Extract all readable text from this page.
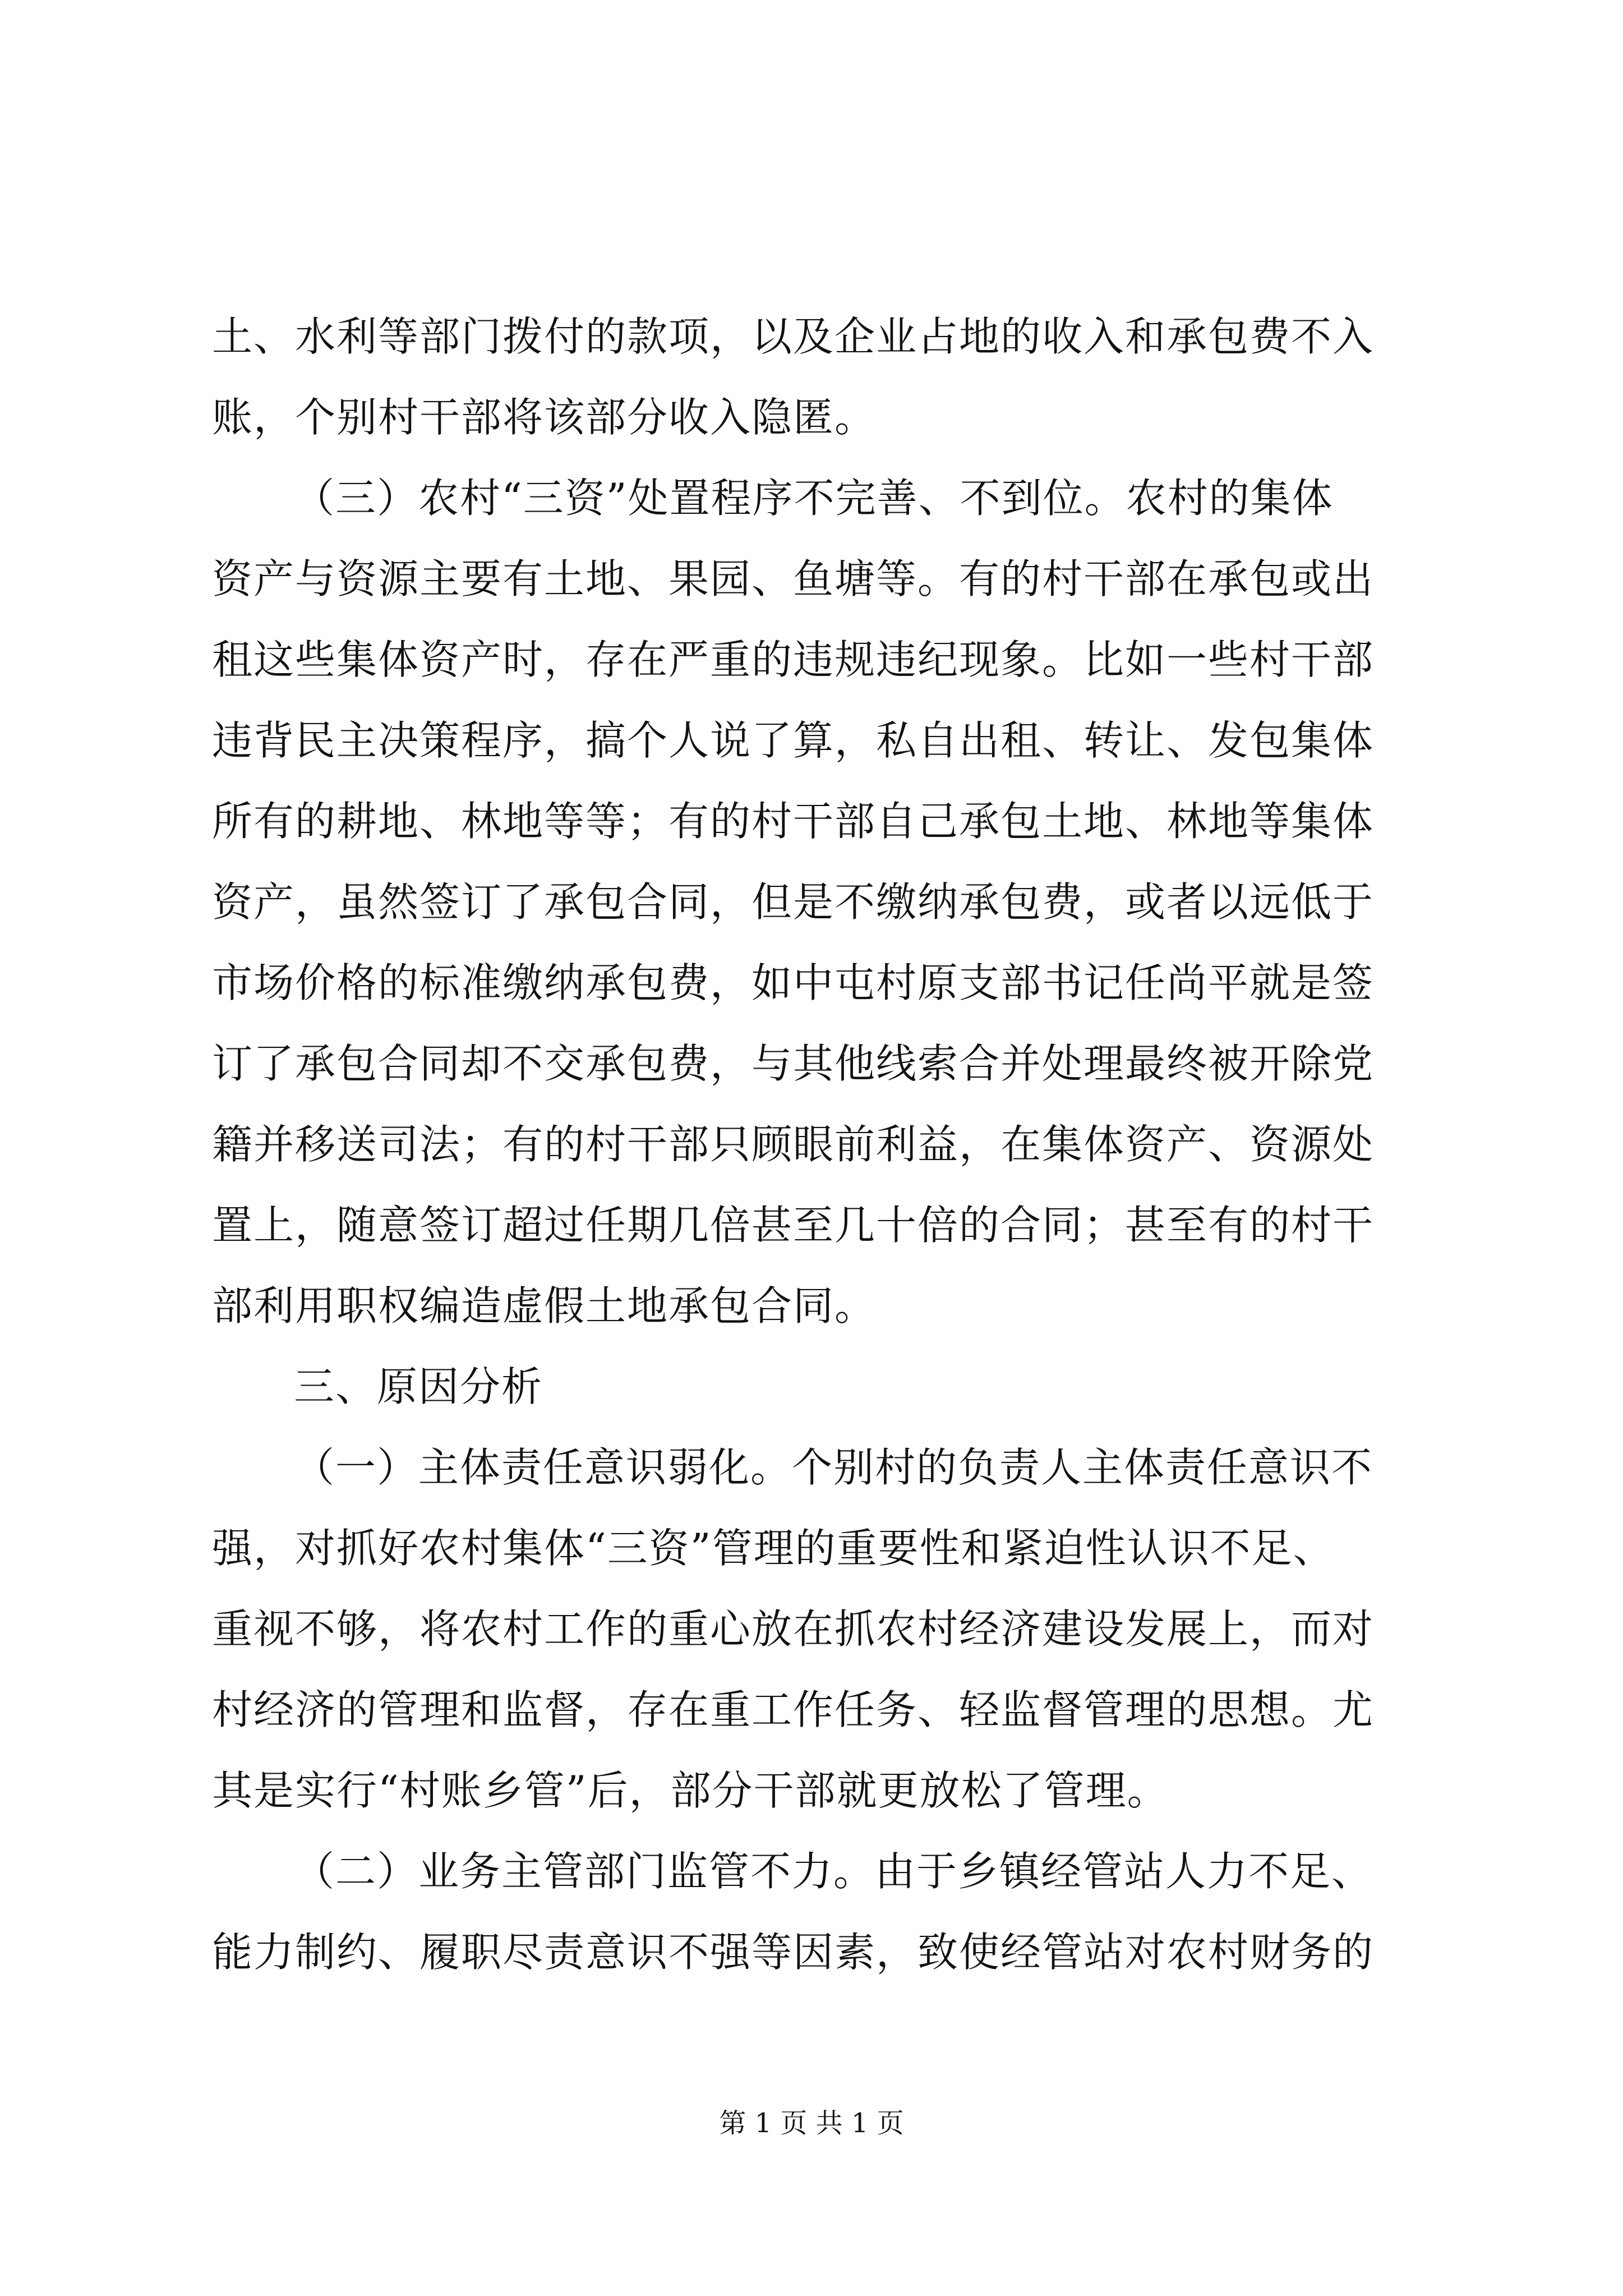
土、水利等部门拨付的款项，以及企业占地的收入和承包费不入
账，个别村干部将该部分收入隐匿。
（三）农村“三资”处置程序不完善、不到位。农村的集体
资产与资源主要有土地、果园、鱼塘等。有的村干部在承包或出
租这些集体资产时，存在严重的违规违纪现象。比如一些村干部
违背民主决策程序，搞个人说了算，私自出租、转让、发包集体
所有的耕地、林地等等；有的村干部自己承包土地、林地等集体
资产，虽然签订了承包合同，但是不缴纳承包费，或者以远低于
市场价格的标准缴纳承包费，如中屯村原支部书记任尚平就是签
订了承包合同却不交承包费，与其他线索合并处理最终被开除党
籍并移送司法；有的村干部只顾眼前利益，在集体资产、资源处
置上，随意签订超过任期几倍甚至几十倍的合同；甚至有的村干
部利用职权编造虚假土地承包合同。
三、原因分析
（一）主体责任意识弱化。个别村的负责人主体责任意识不
强，对抓好农村集体“三资”管理的重要性和紧迫性认识不足、
重视不够，将农村工作的重心放在抓农村经济建设发展上，而对
村经济的管理和监督，存在重工作任务、轻监督管理的思想。尤
其是实行“村账乡管”后，部分干部就更放松了管理。
（二）业务主管部门监管不力。由于乡镇经管站人力不足、
能力制约、履职尽责意识不强等因素，致使经管站对农村财务的
第 1 页 共 1 页
